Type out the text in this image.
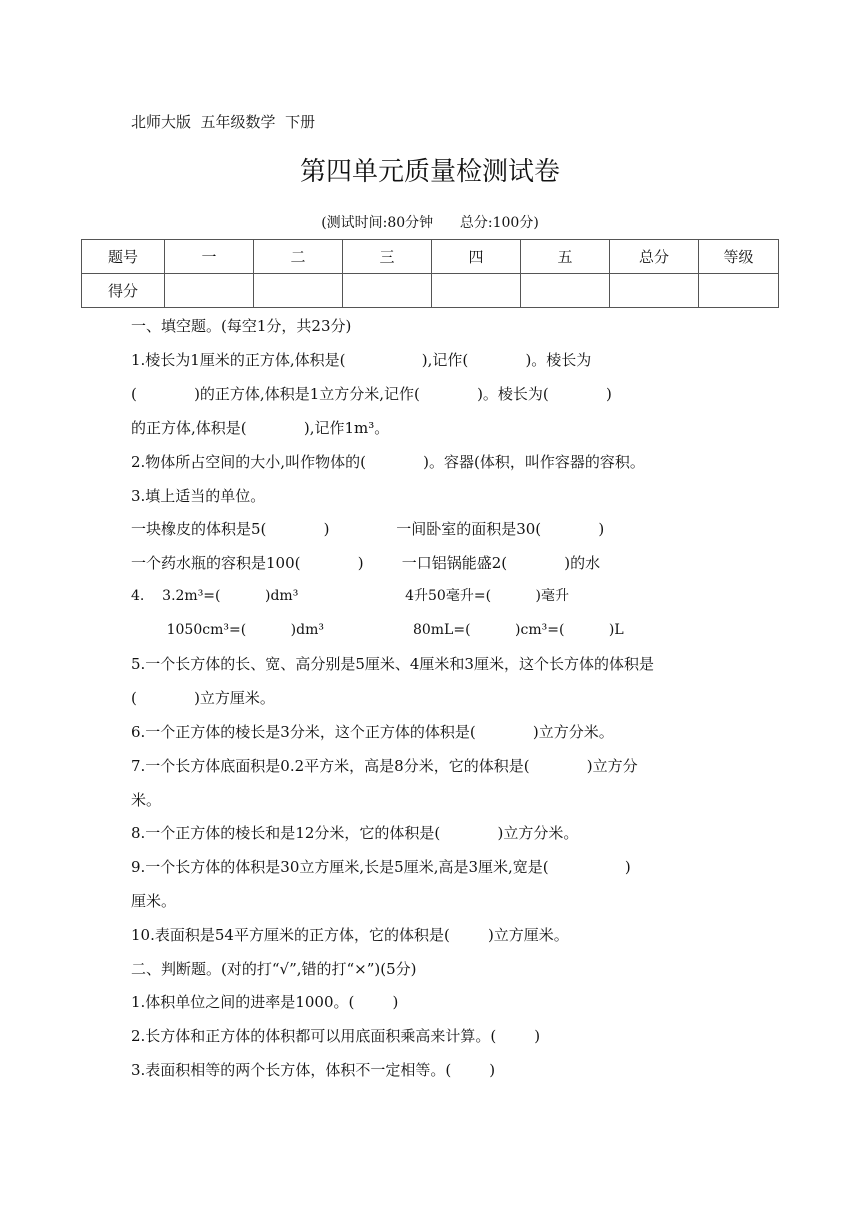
北师大版  五年级数学  下册
第四单元质量检测试卷
(测试时间:80分钟      总分:100分)
题号	一	二	三	四	五	总分	等级
得分							
一、填空题。(每空1分，共23分)
1.棱长为1厘米的正方体,体积是(                ),记作(            )。棱长为
(            )的正方体,体积是1立方分米,记作(            )。棱长为(            )
的正方体,体积是(            ),记作1m³。
2.物体所占空间的大小,叫作物体的(            )。容器(体积，叫作容器的容积。
3.填上适当的单位。
一块橡皮的体积是5(            )              一间卧室的面积是30(            )
一个药水瓶的容积是100(            )        一口铝锅能盛2(            )的水
4.    3.2m³=(          )dm³                        4升50毫升=(          )毫升
1050cm³=(          )dm³                    80mL=(          )cm³=(          )L
5.一个长方体的长、宽、高分别是5厘米、4厘米和3厘米，这个长方体的体积是
(            )立方厘米。
6.一个正方体的棱长是3分米，这个正方体的体积是(            )立方分米。
7.一个长方体底面积是0.2平方米，高是8分米，它的体积是(            )立方分
米。
8.一个正方体的棱长和是12分米，它的体积是(            )立方分米。
9.一个长方体的体积是30立方厘米,长是5厘米,高是3厘米,宽是(                )
厘米。
10.表面积是54平方厘米的正方体，它的体积是(        )立方厘米。
二、判断题。(对的打“√”,错的打“×”)(5分)
1.体积单位之间的进率是1000。(        )
2.长方体和正方体的体积都可以用底面积乘高来计算。(        )
3.表面积相等的两个长方体，体积不一定相等。(        )
